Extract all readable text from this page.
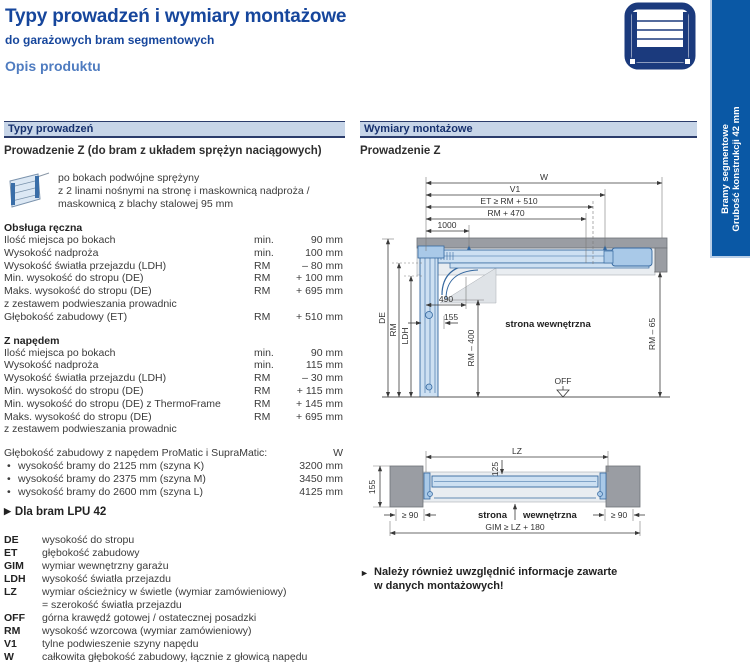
Typy prowadzeń i wymiary montażowe
do garażowych bram segmentowych
Opis produktu
Bramy segmentowe Grubość konstrukcji 42 mm
Typy prowadzeń
Prowadzenie Z (do bram z układem sprężyn naciągowych)
po bokach podwójne sprężyny
z 2 linami nośnymi na stronę i maskownicą nadproża /
maskownicą z blachy stalowej 95 mm
Obsługa ręczna
Ilość miejsca po bokach	min.	90 mm
Wysokość nadproża	min.	100 mm
Wysokość światła przejazdu (LDH)	RM	– 80 mm
Min. wysokość do stropu (DE)	RM	+ 100 mm
Maks. wysokość do stropu (DE)	RM	+ 695 mm
z zestawem podwieszania prowadnic
Głębokość zabudowy (ET)	RM	+ 510 mm
Z napędem
Ilość miejsca po bokach	min.	90 mm
Wysokość nadproża	min.	115 mm
Wysokość światła przejazdu (LDH)	RM	– 30 mm
Min. wysokość do stropu (DE)	RM	+ 115 mm
Min. wysokość do stropu (DE) z ThermoFrame	RM	+ 145 mm
Maks. wysokość do stropu (DE)	RM	+ 695 mm
z zestawem podwieszania prowadnic
Głębokość zabudowy z napędem ProMatic i SupraMatic:	W
• wysokość bramy do 2125 mm (szyna K)	3200 mm
• wysokość bramy do 2375 mm (szyna M)	3450 mm
• wysokość bramy do 2600 mm (szyna L)	4125 mm
▶ Dla bram LPU 42
DE	wysokość do stropu
ET	głębokość zabudowy
GIM	wymiar wewnętrzny garażu
LDH	wysokość światła przejazdu
LZ	wymiar ościeżnicy w świetle (wymiar zamówieniowy)
= szerokość światła przejazdu
OFF	górna krawędź gotowej / ostatecznej posadzki
RM	wysokość wzorcowa (wymiar zamówieniowy)
V1	tylne podwieszenie szyny napędu
W	całkowita głębokość zabudowy, łącznie z głowicą napędu
Wymiary montażowe
Prowadzenie Z
W
V1
ET ≥ RM + 510
RM + 470
1000
490
155
DE
RM LDH	RM – 400	RM – 65
strona wewnętrzna
OFF
LZ
125
155
≥ 90	≥ 90
strona wewnętrzna
GIM ≥ LZ + 180
► Należy również uwzględnić informacje zawarte
w danych montażowych!
